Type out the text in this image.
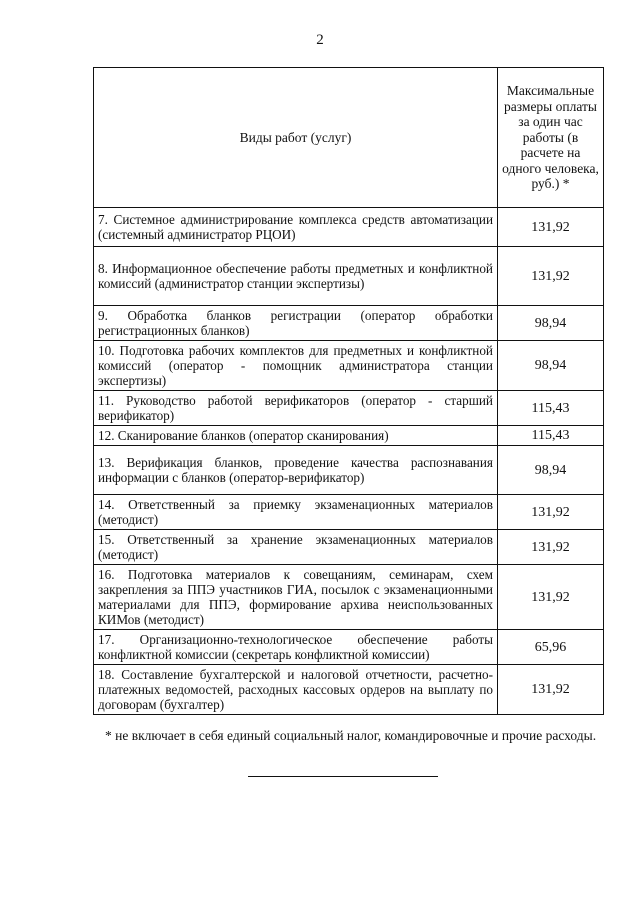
2
Виды работ (услуг)	Максимальные размеры оплаты за один час работы (в расчете на одного человека, руб.) *
7. Системное администрирование комплекса средств автоматизации (системный администратор РЦОИ)	131,92
8. Информационное обеспечение работы предметных и конфликтной комиссий (администратор станции экспертизы)	131,92
9. Обработка бланков регистрации (оператор обработки регистрационных бланков)	98,94
10. Подготовка рабочих комплектов для предметных и конфликтной комиссий (оператор - помощник администратора станции экспертизы)	98,94
11. Руководство работой верификаторов (оператор - старший верификатор)	115,43
12. Сканирование бланков (оператор сканирования)	115,43
13. Верификация бланков, проведение качества распознавания информации с бланков (оператор-верификатор)	98,94
14. Ответственный за приемку экзаменационных материалов (методист)	131,92
15. Ответственный за хранение экзаменационных материалов (методист)	131,92
16. Подготовка материалов к совещаниям, семинарам, схем закрепления за ППЭ участников ГИА, посылок с экзаменационными материалами для ППЭ, формирование архива неиспользованных КИМов (методист)	131,92
17. Организационно-технологическое обеспечение работы конфликтной комиссии (секретарь конфликтной комиссии)	65,96
18. Составление бухгалтерской и налоговой отчетности, расчетно-платежных ведомостей, расходных кассовых ордеров на выплату по договорам (бухгалтер)	131,92
* не включает в себя единый социальный налог, командировочные и прочие расходы.
